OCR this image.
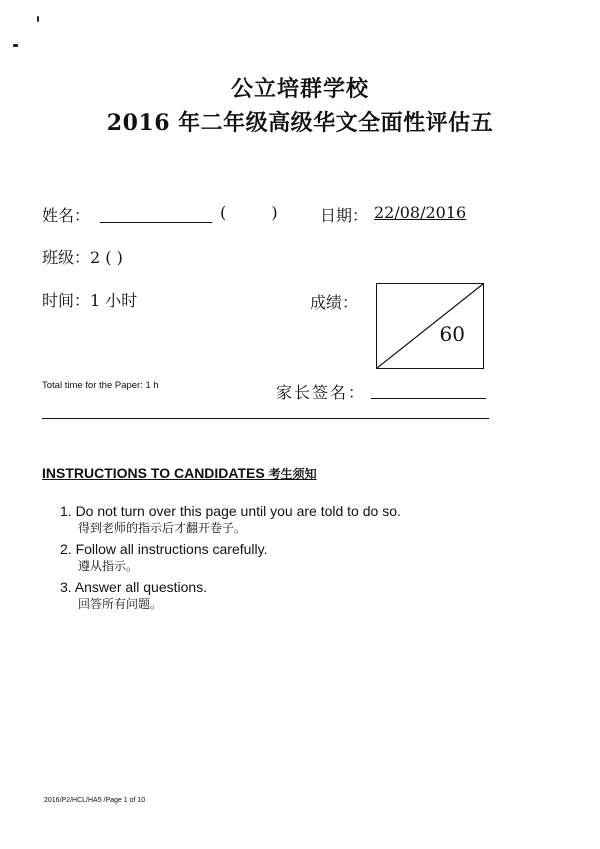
公立培群学校
2016 年二年级高级华文全面性评估五
姓名：	( ) 日期： 22/08/2016
班级：2 ( )
时间：1 小时	成绩：
60
Total time for the Paper: 1 h	家长签名：
INSTRUCTIONS TO CANDIDATES 考生须知
1. Do not turn over this page until you are told to do so.
得到老师的指示后才翻开卷子。
2. Follow all instructions carefully.
遵从指示。
3. Answer all questions.
回答所有问题。
2016/P2/HCL/HA5 /Page 1 of 10
